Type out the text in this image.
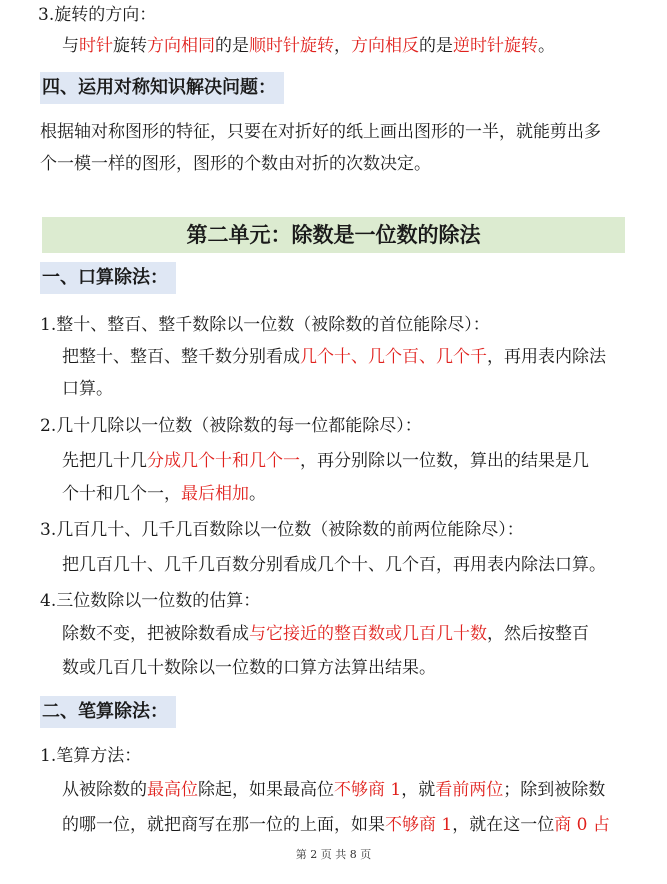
3.旋转的方向：
与时针旋转方向相同的是顺时针旋转，方向相反的是逆时针旋转。
四、运用对称知识解决问题：
根据轴对称图形的特征，只要在对折好的纸上画出图形的一半，就能剪出多
个一模一样的图形，图形的个数由对折的次数决定。
第二单元：除数是一位数的除法
一、口算除法：
1.整十、整百、整千数除以一位数（被除数的首位能除尽）：
把整十、整百、整千数分别看成几个十、几个百、几个千，再用表内除法
口算。
2.几十几除以一位数（被除数的每一位都能除尽）：
先把几十几分成几个十和几个一，再分别除以一位数，算出的结果是几
个十和几个一，最后相加。
3.几百几十、几千几百数除以一位数（被除数的前两位能除尽）：
把几百几十、几千几百数分别看成几个十、几个百，再用表内除法口算。
4.三位数除以一位数的估算：
除数不变，把被除数看成与它接近的整百数或几百几十数，然后按整百
数或几百几十数除以一位数的口算方法算出结果。
二、笔算除法：
1.笔算方法：
从被除数的最高位除起，如果最高位不够商 1，就看前两位；除到被除数
的哪一位，就把商写在那一位的上面，如果不够商 1，就在这一位商 0 占
第 2 页 共 8 页
